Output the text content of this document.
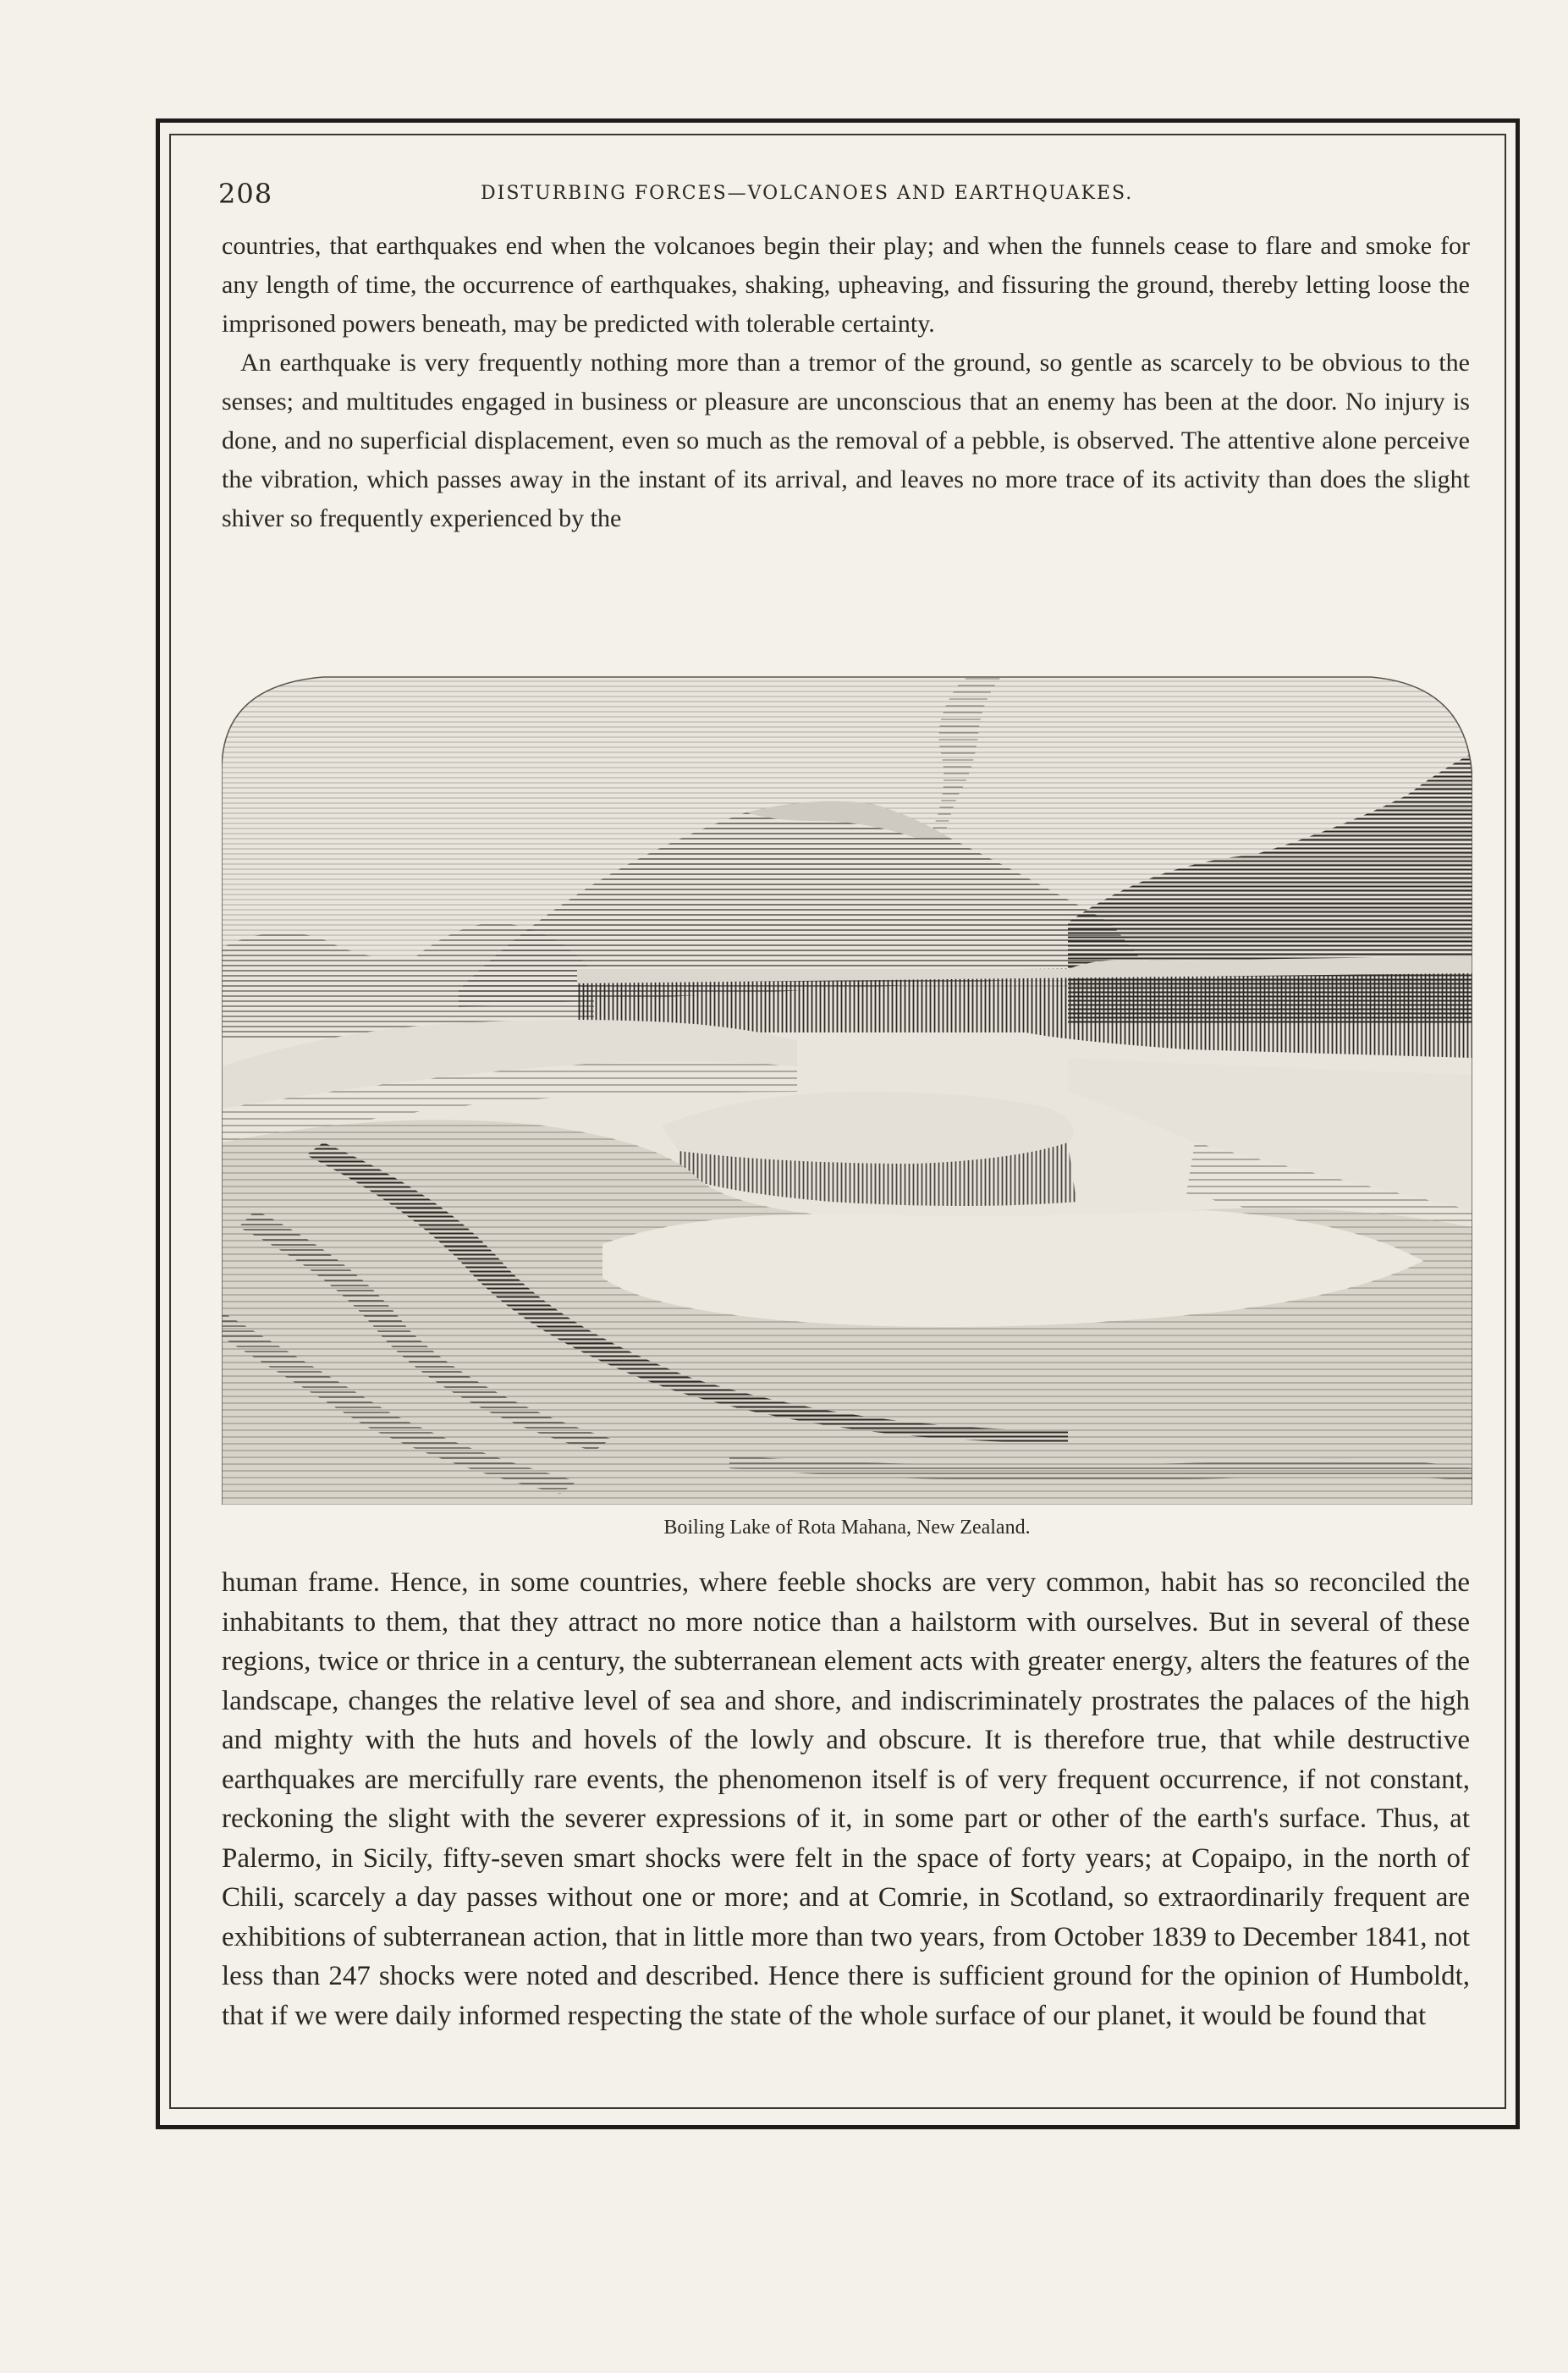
208	DISTURBING FORCES—VOLCANOES AND EARTHQUAKES.

countries, that earthquakes end when the volcanoes begin their play; and when the funnels cease to flare and smoke for any length of time, the occurrence of earthquakes, shaking, upheaving, and fissuring the ground, thereby letting loose the imprisoned powers beneath, may be predicted with tolerable certainty.

An earthquake is very frequently nothing more than a tremor of the ground, so gentle as scarcely to be obvious to the senses; and multitudes engaged in business or pleasure are unconscious that an enemy has been at the door. No injury is done, and no superficial displacement, even so much as the removal of a pebble, is observed. The attentive alone perceive the vibration, which passes away in the instant of its arrival, and leaves no more trace of its activity than does the slight shiver so frequently experienced by the

Boiling Lake of Rota Mahana, New Zealand.

human frame. Hence, in some countries, where feeble shocks are very common, habit has so reconciled the inhabitants to them, that they attract no more notice than a hailstorm with ourselves. But in several of these regions, twice or thrice in a century, the subterranean element acts with greater energy, alters the features of the landscape, changes the relative level of sea and shore, and indiscriminately prostrates the palaces of the high and mighty with the huts and hovels of the lowly and obscure. It is therefore true, that while destructive earthquakes are mercifully rare events, the phenomenon itself is of very frequent occurrence, if not constant, reckoning the slight with the severer expressions of it, in some part or other of the earth's surface. Thus, at Palermo, in Sicily, fifty-seven smart shocks were felt in the space of forty years; at Copaipo, in the north of Chili, scarcely a day passes without one or more; and at Comrie, in Scotland, so extraordinarily frequent are exhibitions of subterranean action, that in little more than two years, from October 1839 to December 1841, not less than 247 shocks were noted and described. Hence there is sufficient ground for the opinion of Humboldt, that if we were daily informed respecting the state of the whole surface of our planet, it would be found that
